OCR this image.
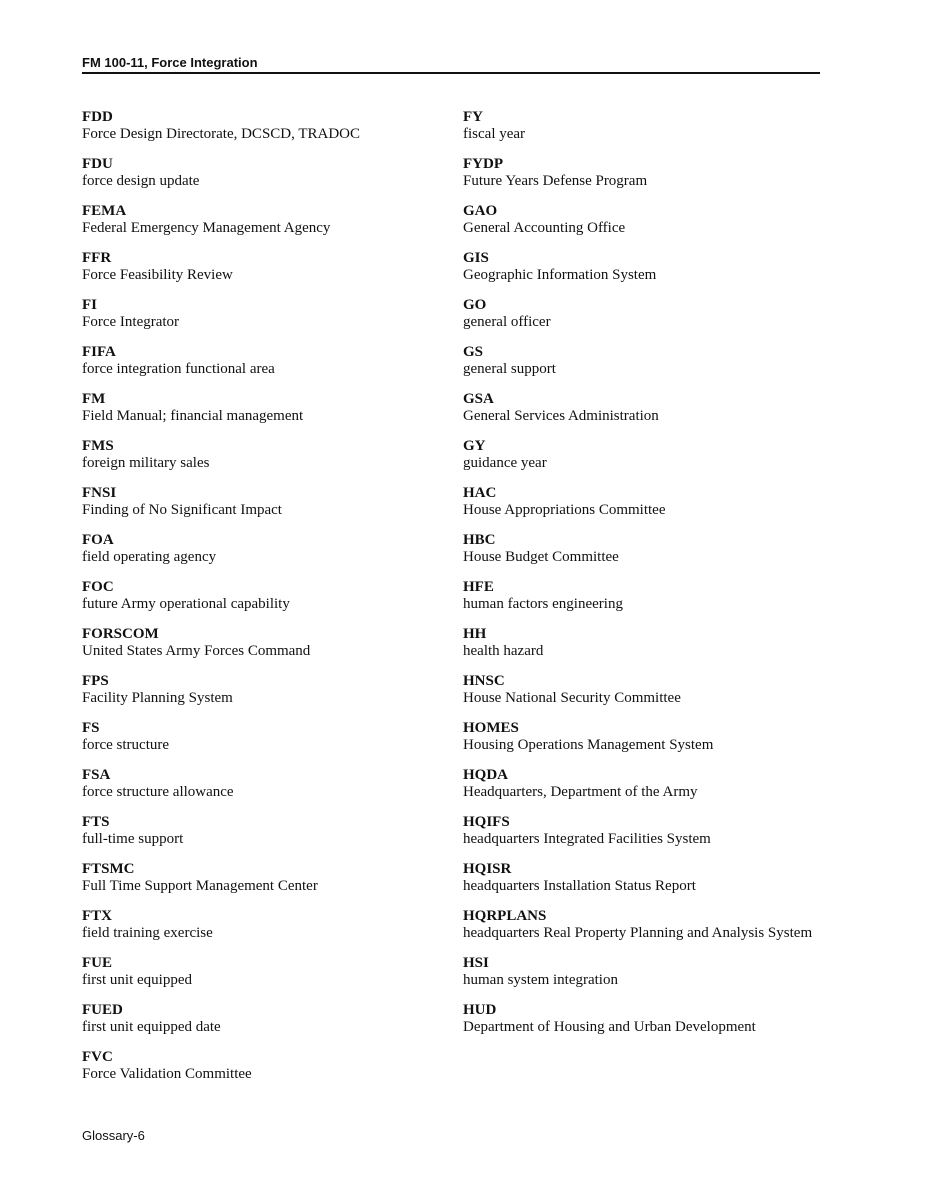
FM 100-11, Force Integration
FDD
Force Design Directorate, DCSCD, TRADOC
FDU
force design update
FEMA
Federal Emergency Management Agency
FFR
Force Feasibility Review
FI
Force Integrator
FIFA
force integration functional area
FM
Field Manual; financial management
FMS
foreign military sales
FNSI
Finding of No Significant Impact
FOA
field operating agency
FOC
future Army operational capability
FORSCOM
United States Army Forces Command
FPS
Facility Planning System
FS
force structure
FSA
force structure allowance
FTS
full-time support
FTSMC
Full Time Support Management Center
FTX
field training exercise
FUE
first unit equipped
FUED
first unit equipped date
FVC
Force Validation Committee
FY
fiscal year
FYDP
Future Years Defense Program
GAO
General Accounting Office
GIS
Geographic Information System
GO
general officer
GS
general support
GSA
General Services Administration
GY
guidance year
HAC
House Appropriations Committee
HBC
House Budget Committee
HFE
human factors engineering
HH
health hazard
HNSC
House National Security Committee
HOMES
Housing Operations Management System
HQDA
Headquarters, Department of the Army
HQIFS
headquarters Integrated Facilities System
HQISR
headquarters Installation Status Report
HQRPLANS
headquarters Real Property Planning and Analysis System
HSI
human system integration
HUD
Department of Housing and Urban Development
Glossary-6
